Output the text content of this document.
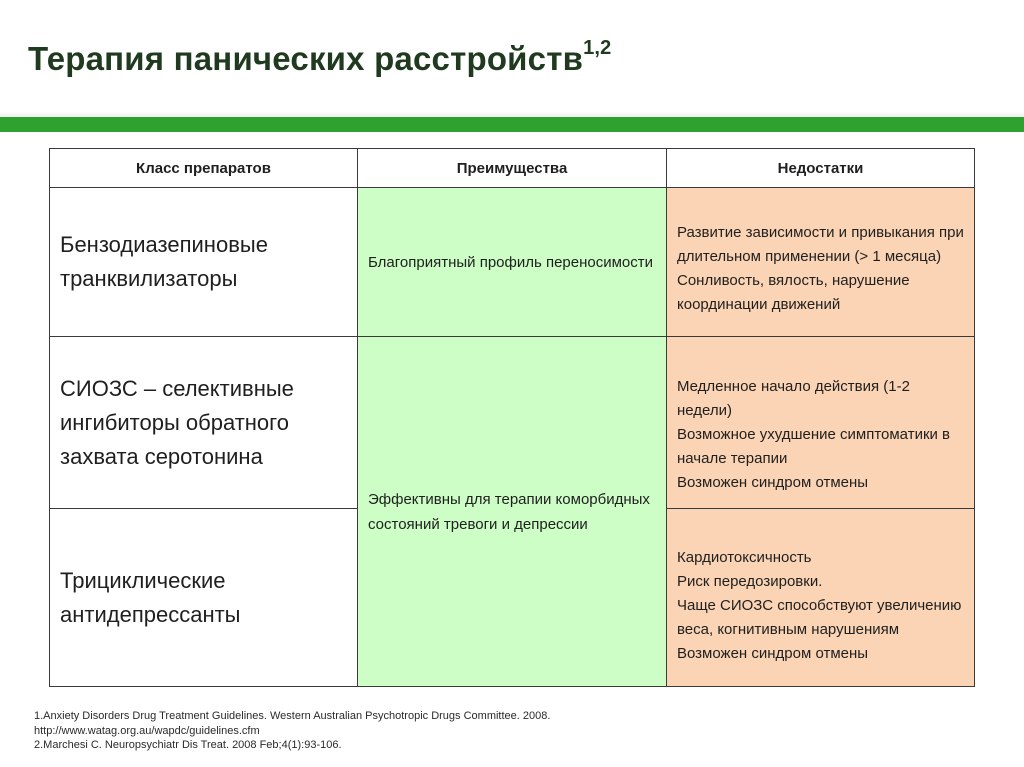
Терапия панических расстройств$^{1,2}$
Класс препаратов	Преимущества	Недостатки
Бензодиазепиновые транквилизаторы	Благоприятный профиль переносимости	Развитие зависимости и привыкания при длительном применении (> 1 месяца)
Сонливость, вялость, нарушение координации движений

СИОЗС – селективные ингибиторы обратного захвата серотонина	Эффективны для терапии коморбидных состояний тревоги и депрессии	Медленное начало действия (1-2 недели)
Возможное ухудшение симптоматики в начале терапии
Возможен синдром отмены

Трициклические антидепрессанты		Кардиотоксичность
Риск передозировки.
Чаще СИОЗС способствуют увеличению веса, когнитивным нарушениям
Возможен синдром отмены
1.Anxiety Disorders Drug Treatment Guidelines. Western Australian Psychotropic Drugs Committee. 2008.
http://www.watag.org.au/wapdc/guidelines.cfm
2.Marchesi C. Neuropsychiatr Dis Treat. 2008 Feb;4(1):93-106.
